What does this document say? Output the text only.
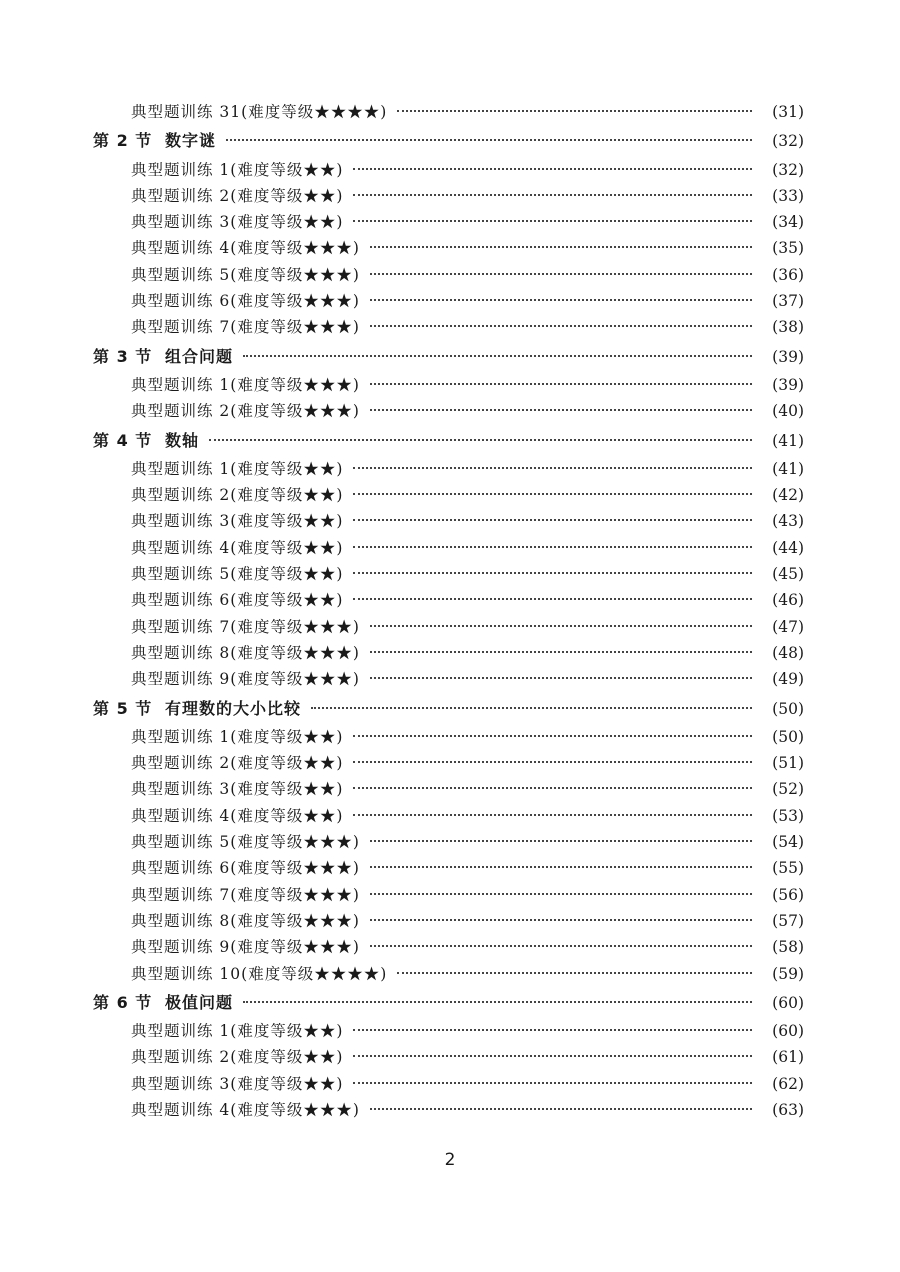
典型题训练 31(难度等级★★★★)	(31)
第 2 节 数字谜	(32)
典型题训练 1(难度等级★★)	(32)
典型题训练 2(难度等级★★)	(33)
典型题训练 3(难度等级★★)	(34)
典型题训练 4(难度等级★★★)	(35)
典型题训练 5(难度等级★★★)	(36)
典型题训练 6(难度等级★★★)	(37)
典型题训练 7(难度等级★★★)	(38)
第 3 节 组合问题	(39)
典型题训练 1(难度等级★★★)	(39)
典型题训练 2(难度等级★★★)	(40)
第 4 节 数轴	(41)
典型题训练 1(难度等级★★)	(41)
典型题训练 2(难度等级★★)	(42)
典型题训练 3(难度等级★★)	(43)
典型题训练 4(难度等级★★)	(44)
典型题训练 5(难度等级★★)	(45)
典型题训练 6(难度等级★★)	(46)
典型题训练 7(难度等级★★★)	(47)
典型题训练 8(难度等级★★★)	(48)
典型题训练 9(难度等级★★★)	(49)
第 5 节 有理数的大小比较	(50)
典型题训练 1(难度等级★★)	(50)
典型题训练 2(难度等级★★)	(51)
典型题训练 3(难度等级★★)	(52)
典型题训练 4(难度等级★★)	(53)
典型题训练 5(难度等级★★★)	(54)
典型题训练 6(难度等级★★★)	(55)
典型题训练 7(难度等级★★★)	(56)
典型题训练 8(难度等级★★★)	(57)
典型题训练 9(难度等级★★★)	(58)
典型题训练 10(难度等级★★★★)	(59)
第 6 节 极值问题	(60)
典型题训练 1(难度等级★★)	(60)
典型题训练 2(难度等级★★)	(61)
典型题训练 3(难度等级★★)	(62)
典型题训练 4(难度等级★★★)	(63)
2
